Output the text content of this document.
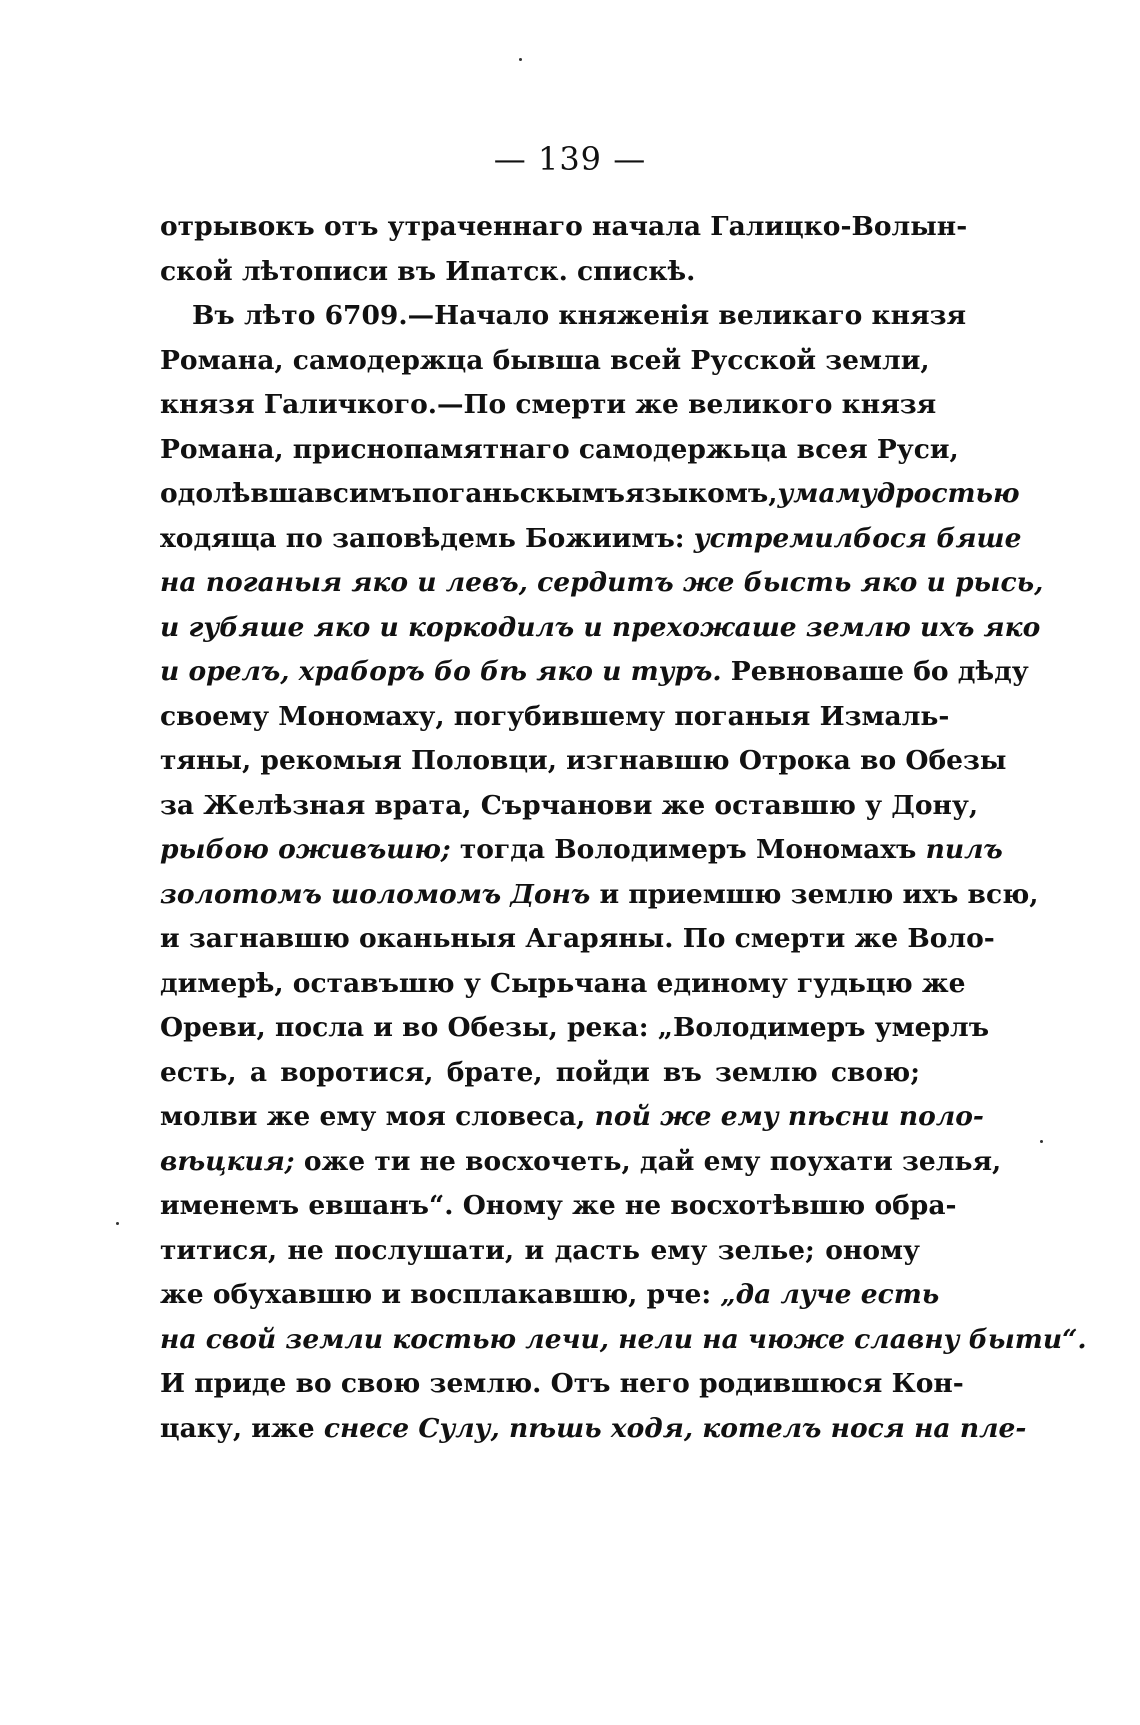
— 139 —
отрывокъ отъ утраченнаго начала Галицко-Волын-
ской лѣтописи въ Ипатск. спискѣ.
Въ лѣто 6709.—Начало княженія великаго князя
Романа, самодержца бывша всей Русской земли,
князя Галичкого.—По смерти же великого князя
Романа, приснопамятнаго самодержьца всея Руси,
одолѣвшавсимъпоганьскымъязыкомъ,умамудростью
ходяща по заповѣдемь Божиимъ: устремилбося бяше
на поганыя яко и левъ, сердитъ же бысть яко и рысь,
и губяше яко и коркодилъ и прехожаше землю ихъ яко
и орелъ, храборъ бо бѣ яко и туръ. Ревноваше бо дѣду
своему Мономаху, погубившему поганыя Измаль-
тяны, рекомыя Половци, изгнавшю Отрока во Обезы
за Желѣзная врата, Сърчанови же оставшю у Дону,
рыбою оживъшю; тогда Володимеръ Мономахъ пилъ
золотомъ шоломомъ Донъ и приемшю землю ихъ всю,
и загнавшю оканьныя Агаряны. По смерти же Воло-
димерѣ, оставъшю у Сырьчана единому гудьцю же
Ореви, посла и во Обезы, река: „Володимеръ умерлъ
есть, а воротися, брате, пойди въ землю свою;
молви же ему моя словеса, пой же ему пѣсни поло-
вѣцкия; оже ти не восхочеть, дай ему поухати зелья,
именемъ евшанъ“. Оному же не восхотѣвшю обра-
титися, не послушати, и дасть ему зелье; оному
же обухавшю и восплакавшю, рче: „да луче есть
на свой земли костью лечи, нели на чюже славну быти“.
И приде во свою землю. Отъ него родившюся Кон-
цаку, иже снесе Сулу, пѣшь ходя, котелъ нося на пле-
